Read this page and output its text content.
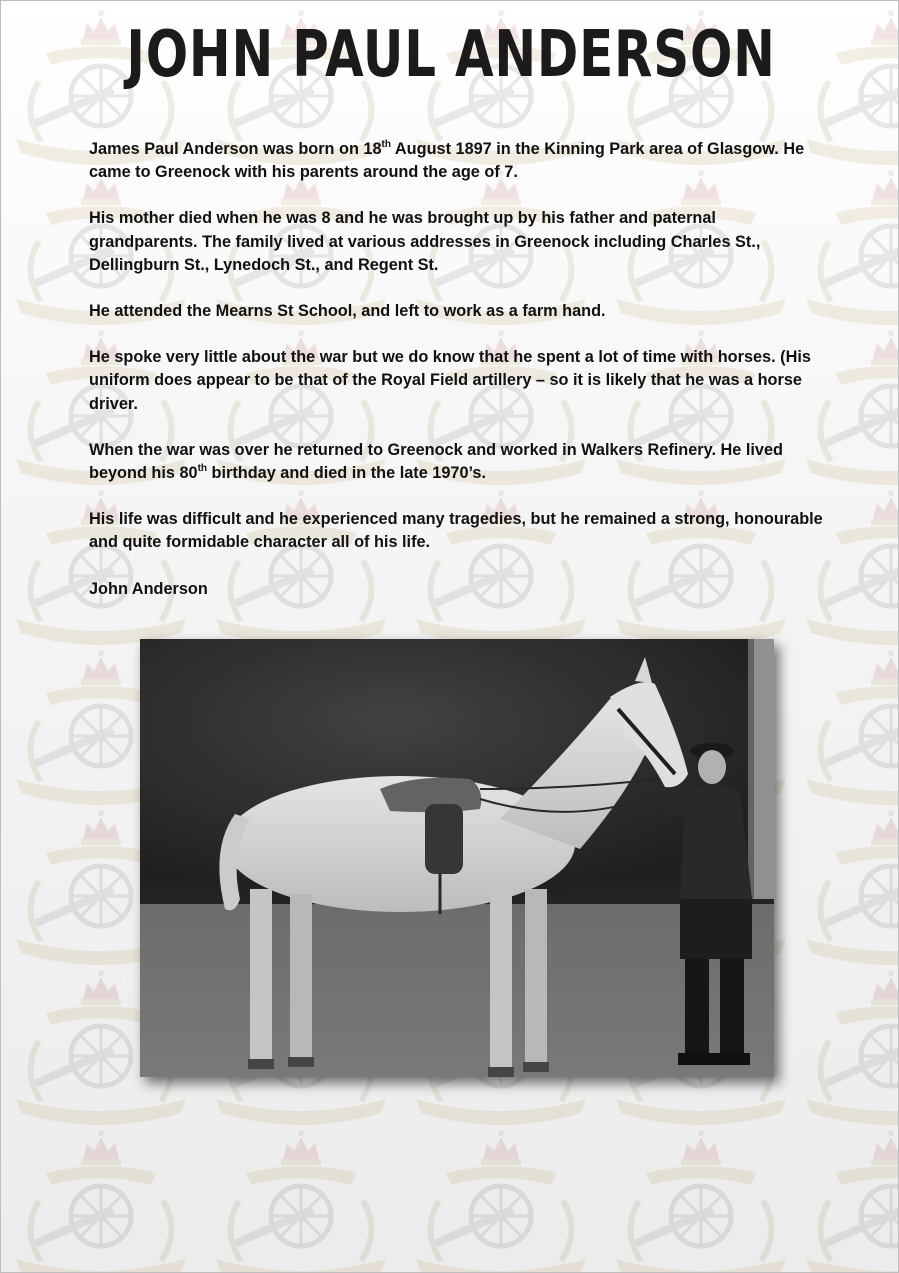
JOHN PAUL ANDERSON

James Paul Anderson was born on 18th August 1897 in the Kinning Park area of Glasgow. He came to Greenock with his parents around the age of 7.

His mother died when he was 8 and he was brought up by his father and paternal grandparents. The family lived at various addresses in Greenock including Charles St., Dellingburn St., Lynedoch St., and Regent St.

He attended the Mearns St School, and left to work as a farm hand.

He spoke very little about the war but we do know that he spent a lot of time with horses. (His uniform does appear to be that of the Royal Field artillery – so it is likely that he was a horse driver.

When the war was over he returned to Greenock and worked in Walkers Refinery. He lived beyond his 80th birthday and died in the late 1970’s.

His life was difficult and he experienced many tragedies, but he remained a strong, honourable and quite formidable character all of his life.

John Anderson
